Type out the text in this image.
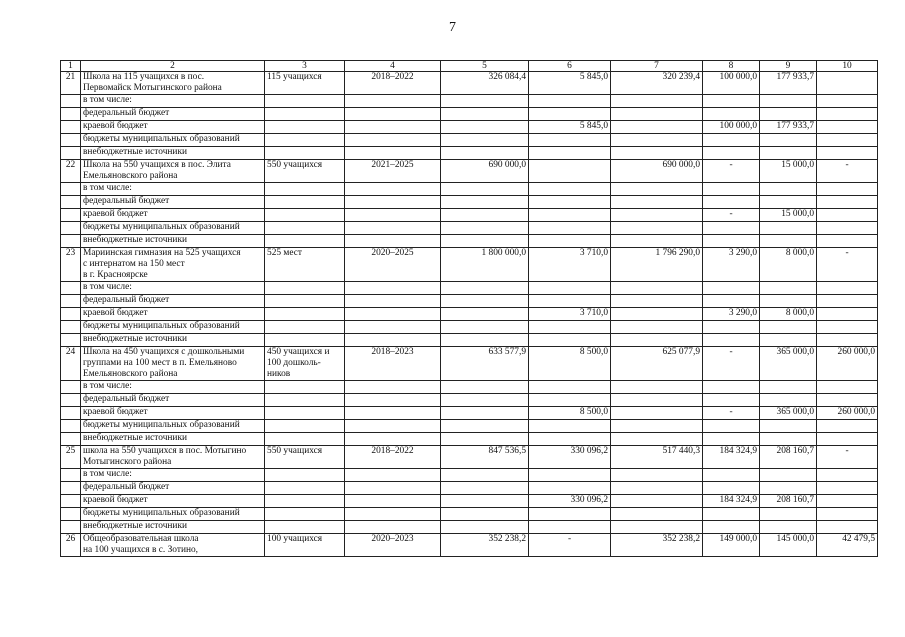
7
1	2	3	4	5	6	7	8	9	10
21	Школа на 115 учащихся в пос.
Первомайск Мотыгинского района	115 учащихся	2018–2022	326 084,4	5 845,0	320 239,4	100 000,0	177 933,7	
	в том числе:								
	федеральный бюджет								
	краевой бюджет				5 845,0		100 000,0	177 933,7	
	бюджеты муниципальных образований								
	внебюджетные источники								
22	Школа на 550 учащихся в пос. Элита
Емельяновского района	550 учащихся	2021–2025	690 000,0		690 000,0	-	15 000,0	-
	в том числе:								
	федеральный бюджет								
	краевой бюджет						-	15 000,0	
	бюджеты муниципальных образований								
	внебюджетные источники								
23	Мариинская гимназия на 525 учащихся
с интернатом на 150 мест
в г. Красноярске	525 мест	2020–2025	1 800 000,0	3 710,0	1 796 290,0	3 290,0	8 000,0	-
	в том числе:								
	федеральный бюджет								
	краевой бюджет				3 710,0		3 290,0	8 000,0	
	бюджеты муниципальных образований								
	внебюджетные источники								
24	Школа на 450 учащихся с дошкольными
группами на 100 мест в п. Емельяново
Емельяновского района	450 учащихся и
100 дошколь-
ников	2018–2023	633 577,9	8 500,0	625 077,9	-	365 000,0	260 000,0
	в том числе:								
	федеральный бюджет								
	краевой бюджет				8 500,0		-	365 000,0	260 000,0
	бюджеты муниципальных образований								
	внебюджетные источники								
25	школа на 550 учащихся в пос. Мотыгино
Мотыгинского района	550 учащихся	2018–2022	847 536,5	330 096,2	517 440,3	184 324,9	208 160,7	-
	в том числе:								
	федеральный бюджет								
	краевой бюджет				330 096,2		184 324,9	208 160,7	
	бюджеты муниципальных образований								
	внебюджетные источники								
26	Общеобразовательная школа
на 100 учащихся в с. Зотино,	100 учащихся	2020–2023	352 238,2	-	352 238,2	149 000,0	145 000,0	42 479,5
